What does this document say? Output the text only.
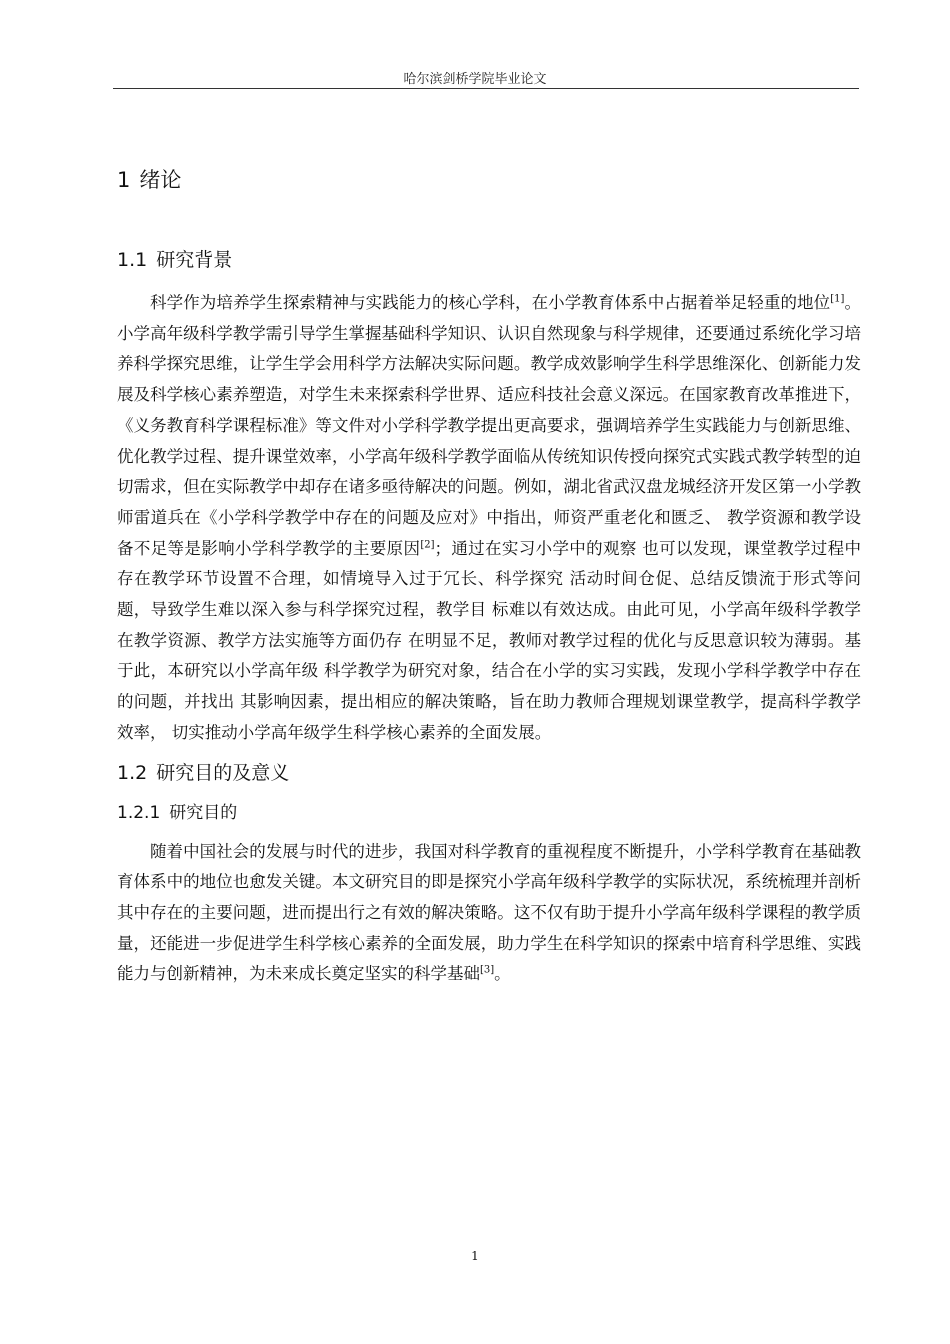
哈尔滨剑桥学院毕业论文
1 绪论
1.1 研究背景

科学作为培养学生探索精神与实践能力的核心学科，在小学教育体系中占据着举足轻重的地位[1]。小学高年级科学教学需引导学生掌握基础科学知识、认识自然现象与科学规律，还要通过系统化学习培养科学探究思维，让学生学会用科学方法解决实际问题。教学成效影响学生科学思维深化、创新能力发展及科学核心素养塑造，对学生未来探索科学世界、适应科技社会意义深远。在国家教育改革推进下，《义务教育科学课程标准》等文件对小学科学教学提出更高要求，强调培养学生实践能力与创新思维、优化教学过程、提升课堂效率，小学高年级科学教学面临从传统知识传授向探究式实践式教学转型的迫切需求，但在实际教学中却存在诸多亟待解决的问题。例如，湖北省武汉盘龙城经济开发区第一小学教师雷道兵在《小学科学教学中存在的问题及应对》中指出，师资严重老化和匮乏、 教学资源和教学设备不足等是影响小学科学教学的主要原因[2]；通过在实习小学中的观察 也可以发现，课堂教学过程中存在教学环节设置不合理，如情境导入过于冗长、科学探究 活动时间仓促、总结反馈流于形式等问题，导致学生难以深入参与科学探究过程，教学目 标难以有效达成。由此可见，小学高年级科学教学在教学资源、教学方法实施等方面仍存 在明显不足，教师对教学过程的优化与反思意识较为薄弱。基于此，本研究以小学高年级 科学教学为研究对象，结合在小学的实习实践，发现小学科学教学中存在的问题，并找出 其影响因素，提出相应的解决策略，旨在助力教师合理规划课堂教学，提高科学教学效率， 切实推动小学高年级学生科学核心素养的全面发展。

1.2 研究目的及意义
1.2.1 研究目的

随着中国社会的发展与时代的进步，我国对科学教育的重视程度不断提升，小学科学教育在基础教育体系中的地位也愈发关键。本文研究目的即是探究小学高年级科学教学的实际状况，系统梳理并剖析其中存在的主要问题，进而提出行之有效的解决策略。这不仅有助于提升小学高年级科学课程的教学质量，还能进一步促进学生科学核心素养的全面发展，助力学生在科学知识的探索中培育科学思维、实践能力与创新精神，为未来成长奠定坚实的科学基础[3]。

1
